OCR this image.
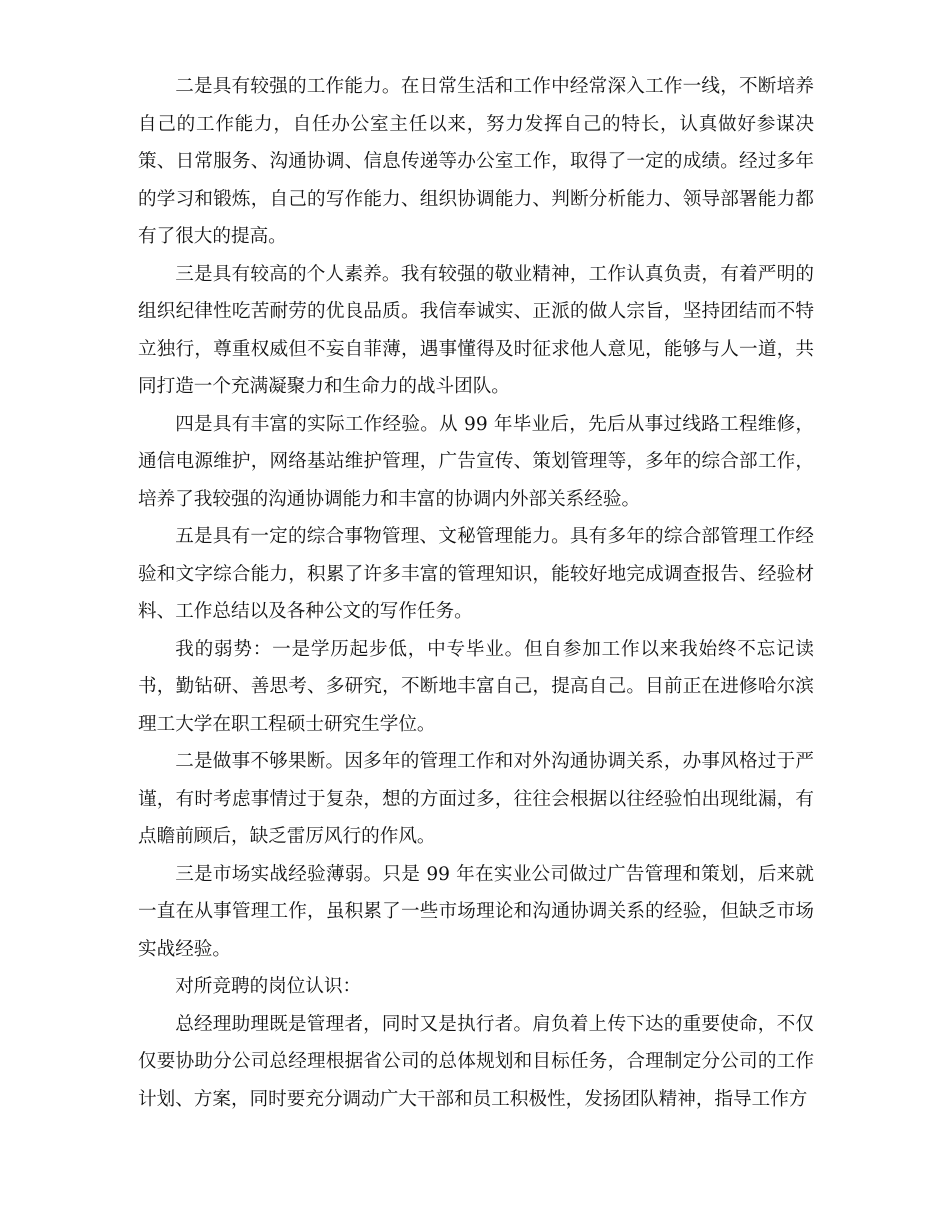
二是具有较强的工作能力。在日常生活和工作中经常深入工作一线，不断培养自己的工作能力，自任办公室主任以来，努力发挥自己的特长，认真做好参谋决策、日常服务、沟通协调、信息传递等办公室工作，取得了一定的成绩。经过多年的学习和锻炼，自己的写作能力、组织协调能力、判断分析能力、领导部署能力都有了很大的提高。

三是具有较高的个人素养。我有较强的敬业精神，工作认真负责，有着严明的组织纪律性吃苦耐劳的优良品质。我信奉诚实、正派的做人宗旨，坚持团结而不特立独行，尊重权威但不妄自菲薄，遇事懂得及时征求他人意见，能够与人一道，共同打造一个充满凝聚力和生命力的战斗团队。

四是具有丰富的实际工作经验。从 99 年毕业后，先后从事过线路工程维修，通信电源维护，网络基站维护管理，广告宣传、策划管理等，多年的综合部工作，培养了我较强的沟通协调能力和丰富的协调内外部关系经验。

五是具有一定的综合事物管理、文秘管理能力。具有多年的综合部管理工作经验和文字综合能力，积累了许多丰富的管理知识，能较好地完成调查报告、经验材料、工作总结以及各种公文的写作任务。

我的弱势：一是学历起步低，中专毕业。但自参加工作以来我始终不忘记读书，勤钻研、善思考、多研究，不断地丰富自己，提高自己。目前正在进修哈尔滨理工大学在职工程硕士研究生学位。

二是做事不够果断。因多年的管理工作和对外沟通协调关系，办事风格过于严谨，有时考虑事情过于复杂，想的方面过多，往往会根据以往经验怕出现纰漏，有点瞻前顾后，缺乏雷厉风行的作风。

三是市场实战经验薄弱。只是 99 年在实业公司做过广告管理和策划，后来就一直在从事管理工作，虽积累了一些市场理论和沟通协调关系的经验，但缺乏市场实战经验。

对所竞聘的岗位认识：

总经理助理既是管理者，同时又是执行者。肩负着上传下达的重要使命，不仅仅要协助分公司总经理根据省公司的总体规划和目标任务，合理制定分公司的工作计划、方案，同时要充分调动广大干部和员工积极性，发扬团队精神，指导工作方
